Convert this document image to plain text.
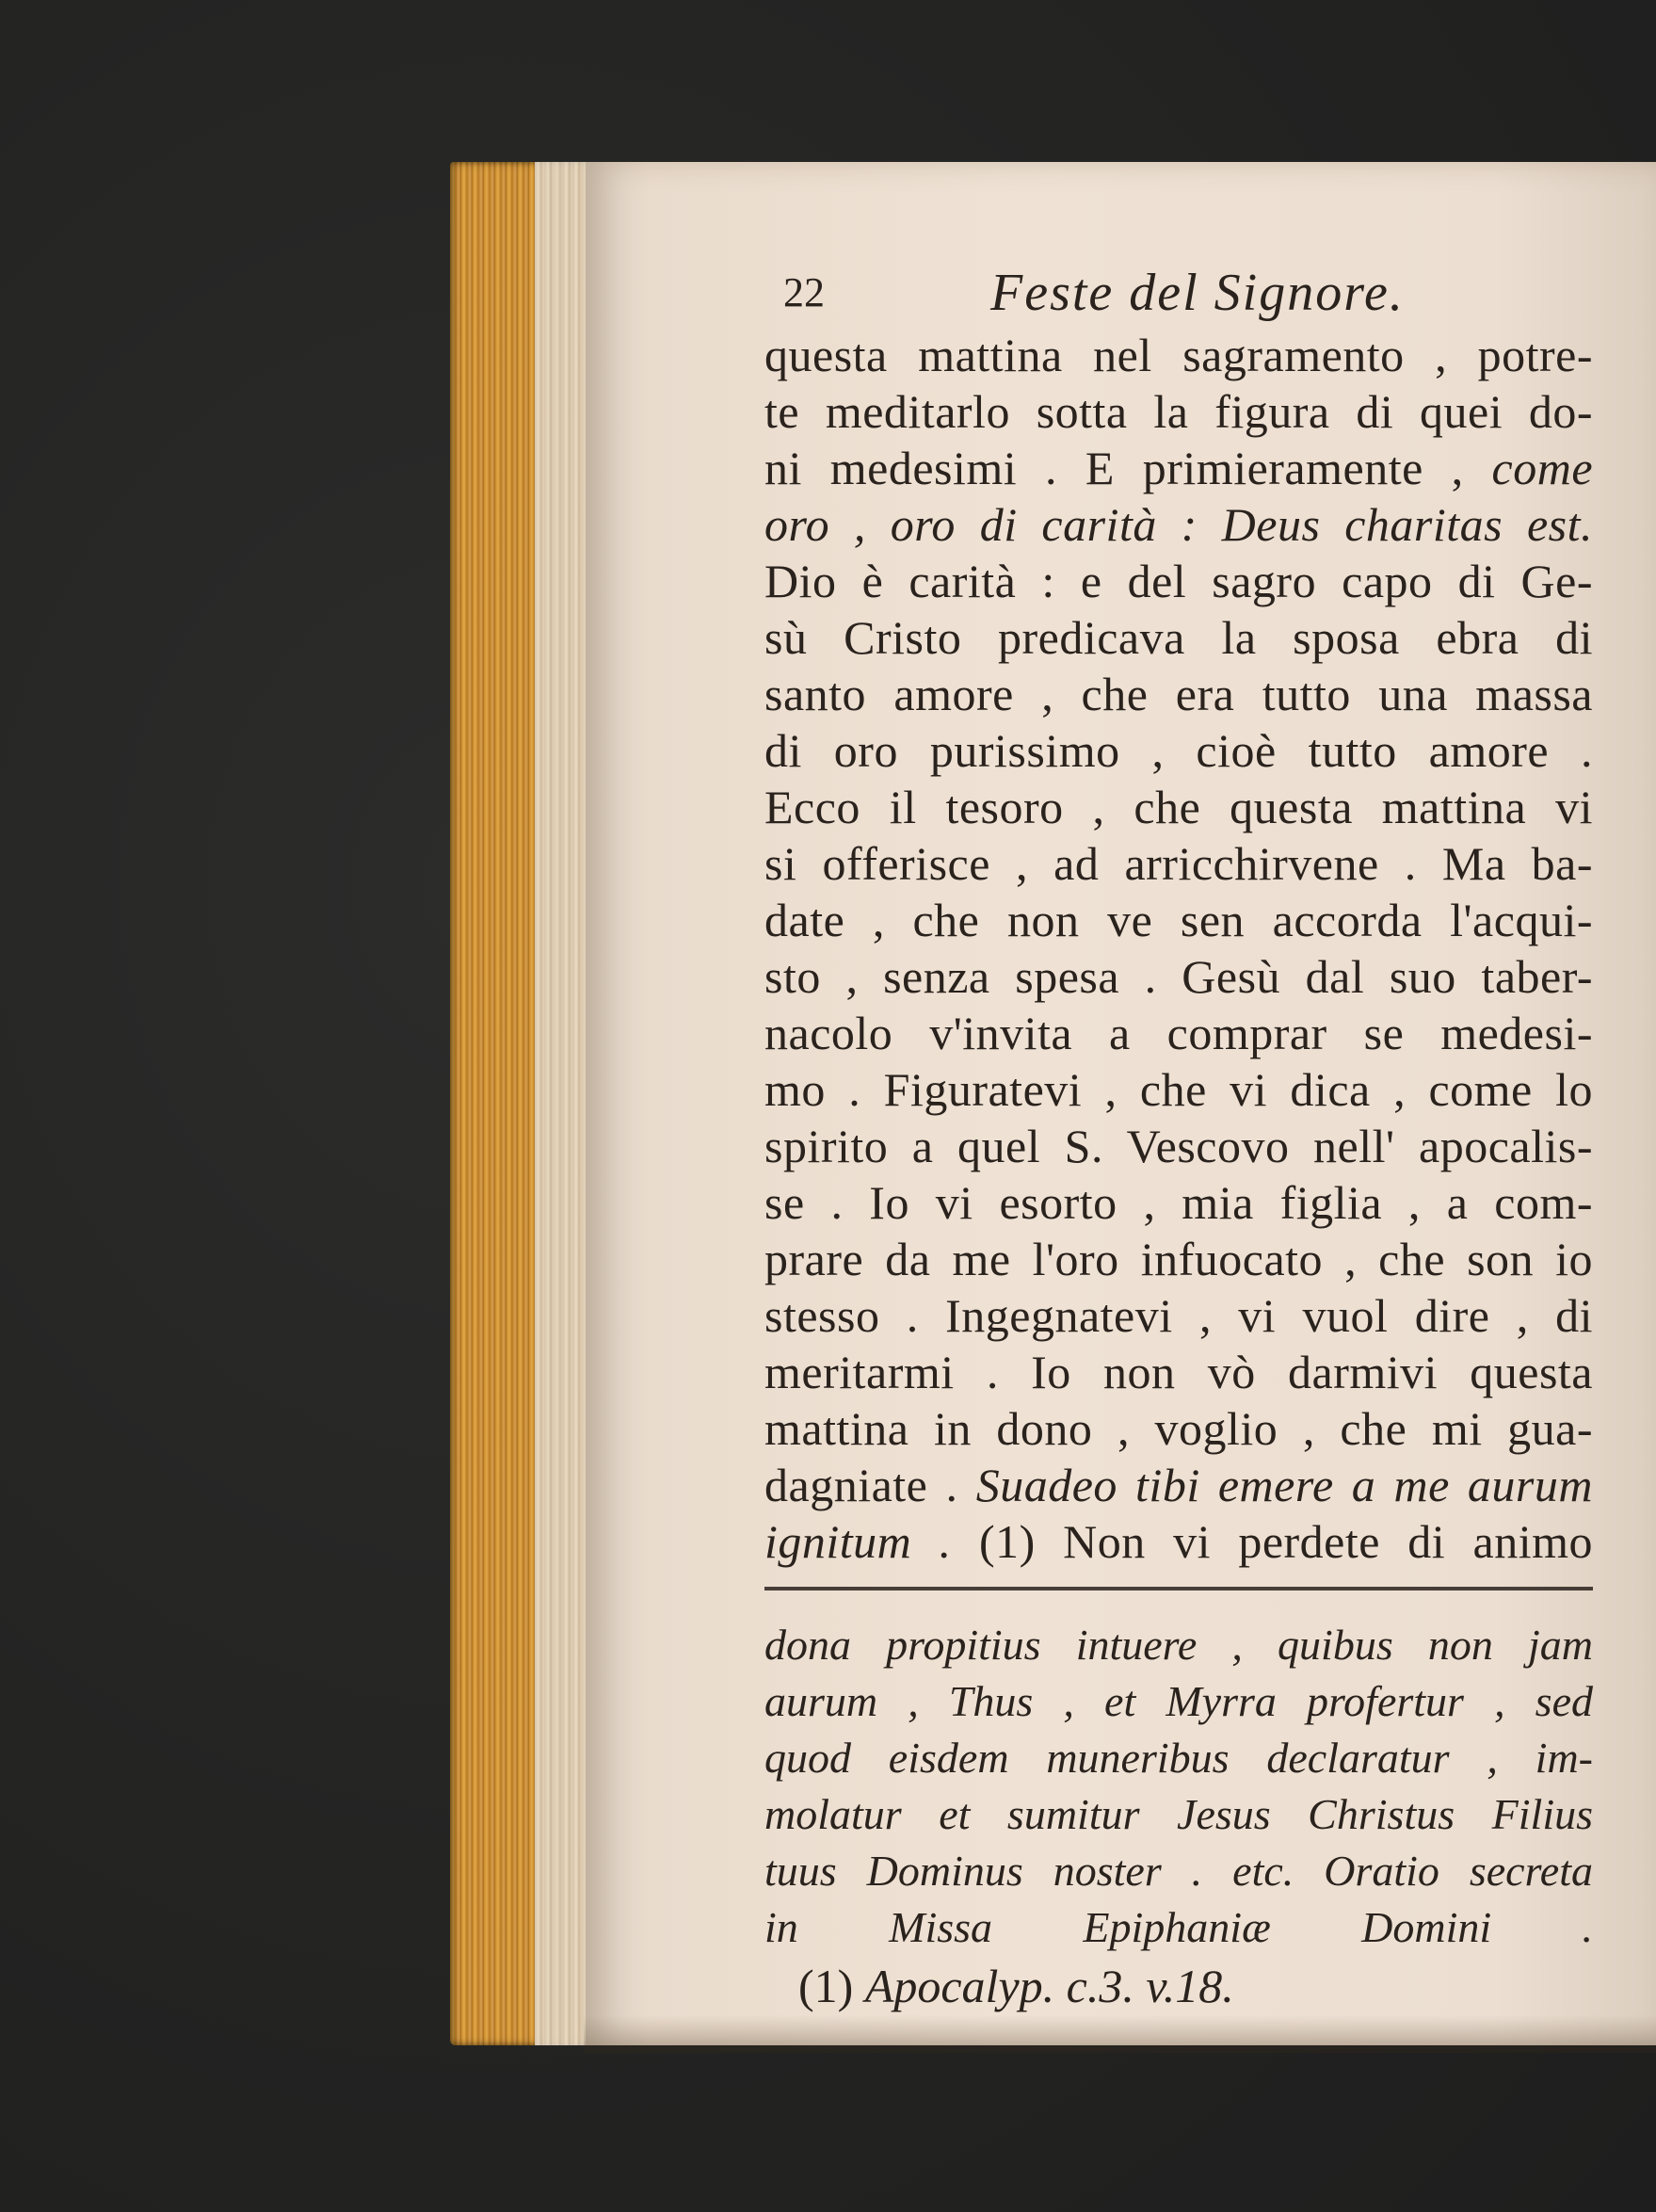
22	Feste del Signore.
questa mattina nel sagramento , potre-
te meditarlo sotta la figura di quei do-
ni medesimi . E primieramente , come
oro , oro di carità : Deus charitas est.
Dio è carità : e del sagro capo di Ge-
sù Cristo predicava la sposa ebra di
santo amore , che era tutto una massa
di oro purissimo , cioè tutto amore .
Ecco il tesoro , che questa mattina vi
si offerisce , ad arricchirvene . Ma ba-
date , che non ve sen accorda l'acqui-
sto , senza spesa . Gesù dal suo taber-
nacolo v'invita a comprar se medesi-
mo . Figuratevi , che vi dica , come lo
spirito a quel S. Vescovo nell' apocalis-
se . Io vi esorto , mia figlia , a com-
prare da me l'oro infuocato , che son io
stesso . Ingegnatevi , vi vuol dire , di
meritarmi . Io non vò darmivi questa
mattina in dono , voglio , che mi gua-
dagniate . Suadeo tibi emere a me aurum
ignitum . (1) Non vi perdete di animo
dona propitius intuere , quibus non jam
aurum , Thus , et Myrra profertur , sed
quod eisdem muneribus declaratur , im-
molatur et sumitur Jesus Christus Filius
tuus Dominus noster . etc. Oratio secreta
in Missa Epiphaniæ Domini .
(1) Apocalyp. c.3. v.18.
